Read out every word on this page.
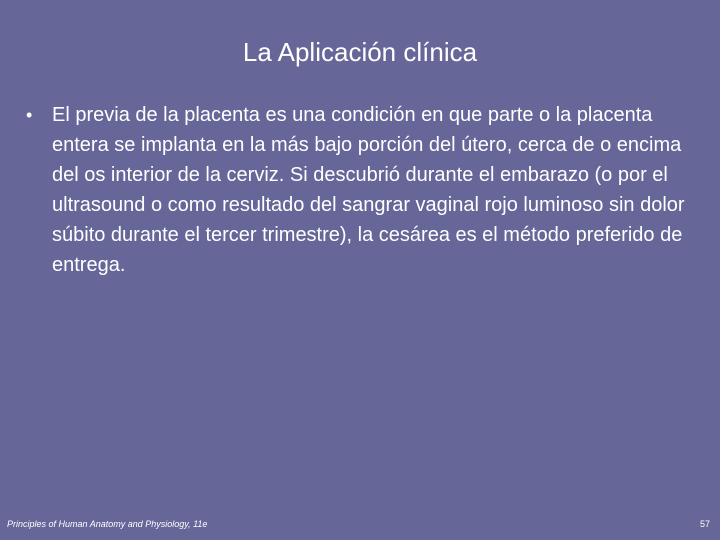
La Aplicación clínica
• El previa de la placenta es una condición en que parte o la placenta entera se implanta en la más bajo porción del útero, cerca de o encima del os interior de la cerviz. Si descubrió durante el embarazo (o por el ultrasound o como resultado del sangrar vaginal rojo luminoso sin dolor súbito durante el tercer trimestre), la cesárea es el método preferido de entrega.
Principles of Human Anatomy and Physiology, 11e	57
